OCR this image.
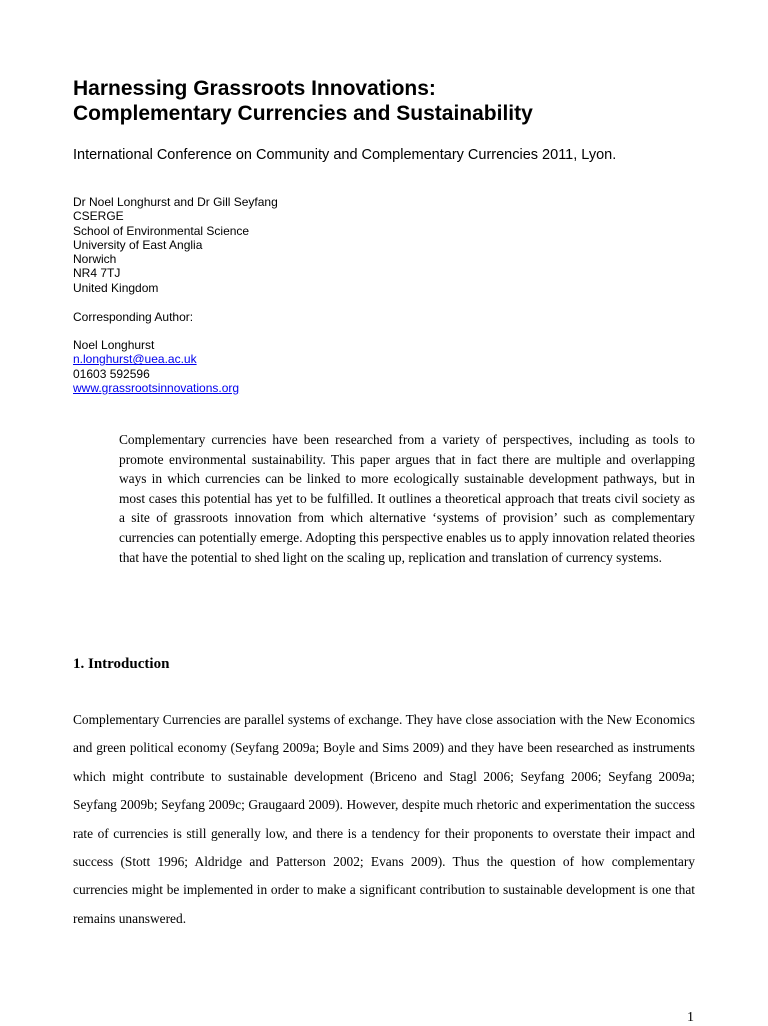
Harnessing Grassroots Innovations:
Complementary Currencies and Sustainability

International Conference on Community and Complementary Currencies 2011, Lyon.

Dr Noel Longhurst and Dr Gill Seyfang
CSERGE
School of Environmental Science
University of East Anglia
Norwich
NR4 7TJ
United Kingdom
Corresponding Author:
Noel Longhurst
n.longhurst@uea.ac.uk
01603 592596
www.grassrootsinnovations.org

Complementary currencies have been researched from a variety of perspectives, including as tools to promote environmental sustainability. This paper argues that in fact there are multiple and overlapping ways in which currencies can be linked to more ecologically sustainable development pathways, but in most cases this potential has yet to be fulfilled. It outlines a theoretical approach that treats civil society as a site of grassroots innovation from which alternative ‘systems of provision’ such as complementary currencies can potentially emerge. Adopting this perspective enables us to apply innovation related theories that have the potential to shed light on the scaling up, replication and translation of currency systems.

1. Introduction

Complementary Currencies are parallel systems of exchange. They have close association with the New Economics and green political economy (Seyfang 2009a; Boyle and Sims 2009) and they have been researched as instruments which might contribute to sustainable development (Briceno and Stagl 2006; Seyfang 2006; Seyfang 2009a; Seyfang 2009b; Seyfang 2009c; Graugaard 2009). However, despite much rhetoric and experimentation the success rate of currencies is still generally low, and there is a tendency for their proponents to overstate their impact and success (Stott 1996; Aldridge and Patterson 2002; Evans 2009). Thus the question of how complementary currencies might be implemented in order to make a significant contribution to sustainable development is one that remains unanswered.

1
